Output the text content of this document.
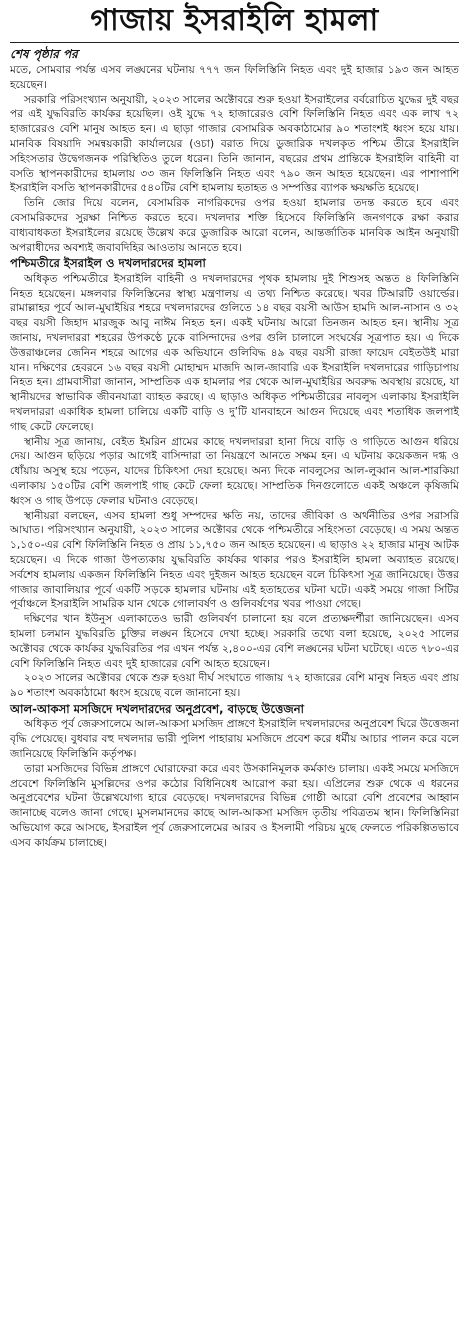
গাজায় ইসরাইলি হামলা
শেষ পৃষ্ঠার পর

মতে, সোমবার পর্যন্ত এসব লঙ্ঘনের ঘটনায় ৭৭৭ জন ফিলিস্তিনি নিহত এবং দুই হাজার ১৯৩ জন আহত হয়েছেন।

সরকারি পরিসংখ্যান অনুযায়ী, ২০২৩ সালের অক্টোবরে শুরু হওয়া ইসরাইলের বর্বরোচিত যুদ্ধের দুই বছর পর এই যুদ্ধবিরতি কার্যকর হয়েছিল। ওই যুদ্ধে ৭২ হাজারেরও বেশি ফিলিস্তিনি নিহত এবং এক লাখ ৭২ হাজারেরও বেশি মানুষ আহত হন। এ ছাড়া গাজার বেসামরিক অবকাঠামোর ৯০ শতাংশই ধ্বংস হয়ে যায়। মানবিক বিষয়াদি সমন্বয়কারী কার্যালয়ের (ওচা) বরাত দিয়ে ডুজারিক দখলকৃত পশ্চিম তীরে ইসরাইলি সহিংসতার উদ্বেগজনক পরিস্থিতিও তুলে ধরেন। তিনি জানান, বছরের প্রথম প্রান্তিকে ইসরাইলি বাহিনী বা বসতি স্থাপনকারীদের হামলায় ৩৩ জন ফিলিস্তিনি নিহত এবং ৭৯০ জন আহত হয়েছেন। এর পাশাপাশি ইসরাইলি বসতি স্থাপনকারীদের ৫৪০টির বেশি হামলায় হতাহত ও সম্পত্তির ব্যাপক ক্ষয়ক্ষতি হয়েছে।

তিনি জোর দিয়ে বলেন, বেসামরিক নাগরিকদের ওপর হওয়া হামলার তদন্ত করতে হবে এবং বেসামরিকদের সুরক্ষা নিশ্চিত করতে হবে। দখলদার শক্তি হিসেবে ফিলিস্তিনি জনগণকে রক্ষা করার বাধ্যবাধকতা ইসরাইলের রয়েছে উল্লেখ করে ডুজারিক আরো বলেন, আন্তর্জাতিক মানবিক আইন অনুযায়ী অপরাধীদের অবশ্যই জবাবদিহির আওতায় আনতে হবে।

পশ্চিমতীরে ইসরাইল ও দখলদারদের হামলা

অধিকৃত পশ্চিমতীরে ইসরাইলি বাহিনী ও দখলদারদের পৃথক হামলায় দুই শিশুসহ অন্তত ৪ ফিলিস্তিনি নিহত হয়েছেন। মঙ্গলবার ফিলিস্তিনের স্বাস্থ্য মন্ত্রণালয় এ তথ্য নিশ্চিত করেছে। খবর টিআরটি ওয়ার্ল্ডের। রামাল্লাহর পূর্বে আল-মুঘাইয়ির শহরে দখলদারদের গুলিতে ১৪ বছর বয়সী আউস হামদি আল-নাসান ও ৩২ বছর বয়সী জিহাদ মারজুক আবু নাঈম নিহত হন। একই ঘটনায় আরো তিনজন আহত হন। স্থানীয় সূত্র জানায়, দখলদাররা শহরের উপকণ্ঠে ঢুকে বাসিন্দাদের ওপর গুলি চালালে সংঘর্ষের সূত্রপাত হয়। এ দিকে উত্তরাঞ্চলের জেনিন শহরে আগের এক অভিযানে গুলিবিদ্ধ ৪৯ বছর বয়সী রাজা ফায়েদ বেইতউই মারা যান। দক্ষিণের হেবরনে ১৬ বছর বয়সী মোহাম্মদ মাজদি আল-জাবারি এক ইসরাইলি দখলদারের গাড়িচাপায় নিহত হন। গ্রামবাসীরা জানান, সাম্প্রতিক এক হামলার পর থেকে আল-মুঘাইয়ির অবরুদ্ধ অবস্থায় রয়েছে, যা স্থানীয়দের স্বাভাবিক জীবনযাত্রা ব্যাহত করছে। এ ছাড়াও অধিকৃত পশ্চিমতীরের নাবলুস এলাকায় ইসরাইলি দখলদাররা একাধিক হামলা চালিয়ে একটি বাড়ি ও দু’টি যানবাহনে আগুন দিয়েছে এবং শতাধিক জলপাই গাছ কেটে ফেলেছে।

স্থানীয় সূত্র জানায়, বেইত ইমরিন গ্রামের কাছে দখলদাররা হানা দিয়ে বাড়ি ও গাড়িতে আগুন ধরিয়ে দেয়। আগুন ছড়িয়ে পড়ার আগেই বাসিন্দারা তা নিয়ন্ত্রণে আনতে সক্ষম হন। এ ঘটনায় কয়েকজন দগ্ধ ও ধোঁয়ায় অসুস্থ হয়ে পড়েন, যাদের চিকিৎসা দেয়া হয়েছে। অন্য দিকে নাবলুসের আল-লুব্বান আল-শারকিয়া এলাকায় ১৫০টির বেশি জলপাই গাছ কেটে ফেলা হয়েছে। সাম্প্রতিক দিনগুলোতে একই অঞ্চলে কৃষিজমি ধ্বংস ও গাছ উপড়ে ফেলার ঘটনাও বেড়েছে।

স্থানীয়রা বলছেন, এসব হামলা শুধু সম্পদের ক্ষতি নয়, তাদের জীবিকা ও অর্থনীতির ওপর সরাসরি আঘাত। পরিসংখ্যান অনুযায়ী, ২০২৩ সালের অক্টোবর থেকে পশ্চিমতীরে সহিংসতা বেড়েছে। এ সময় অন্তত ১,১৫০-এর বেশি ফিলিস্তিনি নিহত ও প্রায় ১১,৭৫০ জন আহত হয়েছেন। এ ছাড়াও ২২ হাজার মানুষ আটক হয়েছেন। এ দিকে গাজা উপত্যকায় যুদ্ধবিরতি কার্যকর থাকার পরও ইসরাইলি হামলা অব্যাহত রয়েছে। সর্বশেষ হামলায় একজন ফিলিস্তিনি নিহত এবং দুইজন আহত হয়েছেন বলে চিকিৎসা সূত্র জানিয়েছে। উত্তর গাজার জাবালিয়ার পূর্বে একটি সড়কে হামলার ঘটনায় এই হতাহতের ঘটনা ঘটে। একই সময়ে গাজা সিটির পূর্বাঞ্চলে ইসরাইলি সামরিক যান থেকে গোলাবর্ষণ ও গুলিবর্ষণের খবর পাওয়া গেছে।

দক্ষিণের খান ইউনুস এলাকাতেও ভারী গুলিবর্ষণ চালানো হয় বলে প্রত্যক্ষদর্শীরা জানিয়েছেন। এসব হামলা চলমান যুদ্ধবিরতি চুক্তির লঙ্ঘন হিসেবে দেখা হচ্ছে। সরকারি তথ্যে বলা হয়েছে, ২০২৫ সালের অক্টোবর থেকে কার্যকর যুদ্ধবিরতির পর এখন পর্যন্ত ২,৪০০-এর বেশি লঙ্ঘনের ঘটনা ঘটেছে। এতে ৭৮০-এর বেশি ফিলিস্তিনি নিহত এবং দুই হাজারের বেশি আহত হয়েছেন।

২০২৩ সালের অক্টোবর থেকে শুরু হওয়া দীর্ঘ সংঘাতে গাজায় ৭২ হাজারের বেশি মানুষ নিহত এবং প্রায় ৯০ শতাংশ অবকাঠামো ধ্বংস হয়েছে বলে জানানো হয়।

আল-আকসা মসজিদে দখলদারদের অনুপ্রবেশ, বাড়ছে উত্তেজনা

অধিকৃত পূর্ব জেরুসালেমে আল-আকসা মসজিদ প্রাঙ্গণে ইসরাইলি দখলদারদের অনুপ্রবেশ ঘিরে উত্তেজনা বৃদ্ধি পেয়েছে। বুধবার বহু দখলদার ভারী পুলিশ পাহারায় মসজিদে প্রবেশ করে ধর্মীয় আচার পালন করে বলে জানিয়েছে ফিলিস্তিনি কর্তৃপক্ষ।

তারা মসজিদের বিভিন্ন প্রাঙ্গণে ঘোরাফেরা করে এবং উসকানিমূলক কর্মকাণ্ড চালায়। একই সময়ে মসজিদে প্রবেশে ফিলিস্তিনি মুসল্লিদের ওপর কঠোর বিধিনিষেধ আরোপ করা হয়। এপ্রিলের শুরু থেকে এ ধরনের অনুপ্রবেশের ঘটনা উল্লেখযোগ্য হারে বেড়েছে। দখলদারদের বিভিন্ন গোষ্ঠী আরো বেশি প্রবেশের আহ্বান জানাচ্ছে বলেও জানা গেছে। মুসলমানদের কাছে আল-আকসা মসজিদ তৃতীয় পবিত্রতম স্থান। ফিলিস্তিনিরা অভিযোগ করে আসছে, ইসরাইল পূর্ব জেরুসালেমের আরব ও ইসলামী পরিচয় মুছে ফেলতে পরিকল্পিতভাবে এসব কার্যক্রম চালাচ্ছে।
